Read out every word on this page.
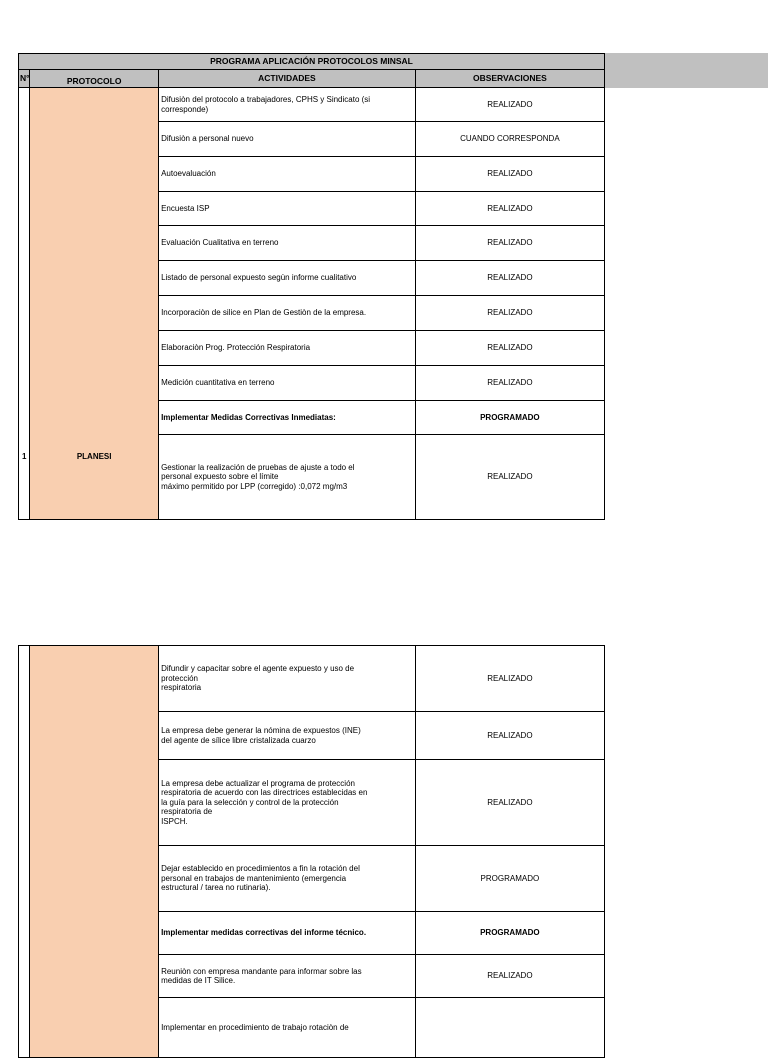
PROGRAMA APLICACIÓN PROTOCOLOS MINSAL			
N°	PROTOCOLO	ACTIVIDADES	OBSERVACIONES
1	PLANESI	Difusiòn del protocolo a trabajadores, CPHS y Sindicato (si corresponde)	REALIZADO
		Difusiòn a personal nuevo	CUANDO CORRESPONDA
		Autoevaluación	REALIZADO
		Encuesta ISP	REALIZADO
		Evaluación Cualitativa en terreno	REALIZADO
		Listado de personal expuesto segùn informe cualitativo	REALIZADO
		Incorporaciòn de silice en Plan de Gestiòn de la empresa.	REALIZADO
		Elaboraciòn Prog. Protección Respiratoria	REALIZADO
		Medición cuantitativa en terreno	REALIZADO
		Implementar Medidas Correctivas Inmediatas:	PROGRAMADO
		Gestionar la realización de pruebas de ajuste a todo el
personal expuesto sobre el límite
máximo permitido por LPP (corregido) :0,072 mg/m3	REALIZADO
		Difundir y capacitar sobre el agente expuesto y uso de
protección
respiratoria	REALIZADO
		La empresa debe generar la nómina de expuestos (INE)
del agente de sílice libre cristalizada cuarzo	REALIZADO
		La empresa debe actualizar el programa de protección
respiratoria de acuerdo con las directrices establecidas en
la guía para la selección y control de la protección
respiratoria de
ISPCH.	REALIZADO
		Dejar establecido en procedimientos a fin la rotación del
personal en trabajos de mantenimiento (emergencia
estructural / tarea no rutinaria).	PROGRAMADO
		Implementar medidas correctivas del informe técnico.	PROGRAMADO
		Reuniòn con empresa mandante para informar sobre las
medidas de IT Silice.	REALIZADO
		Implementar en procedimiento de trabajo rotaciòn de	
